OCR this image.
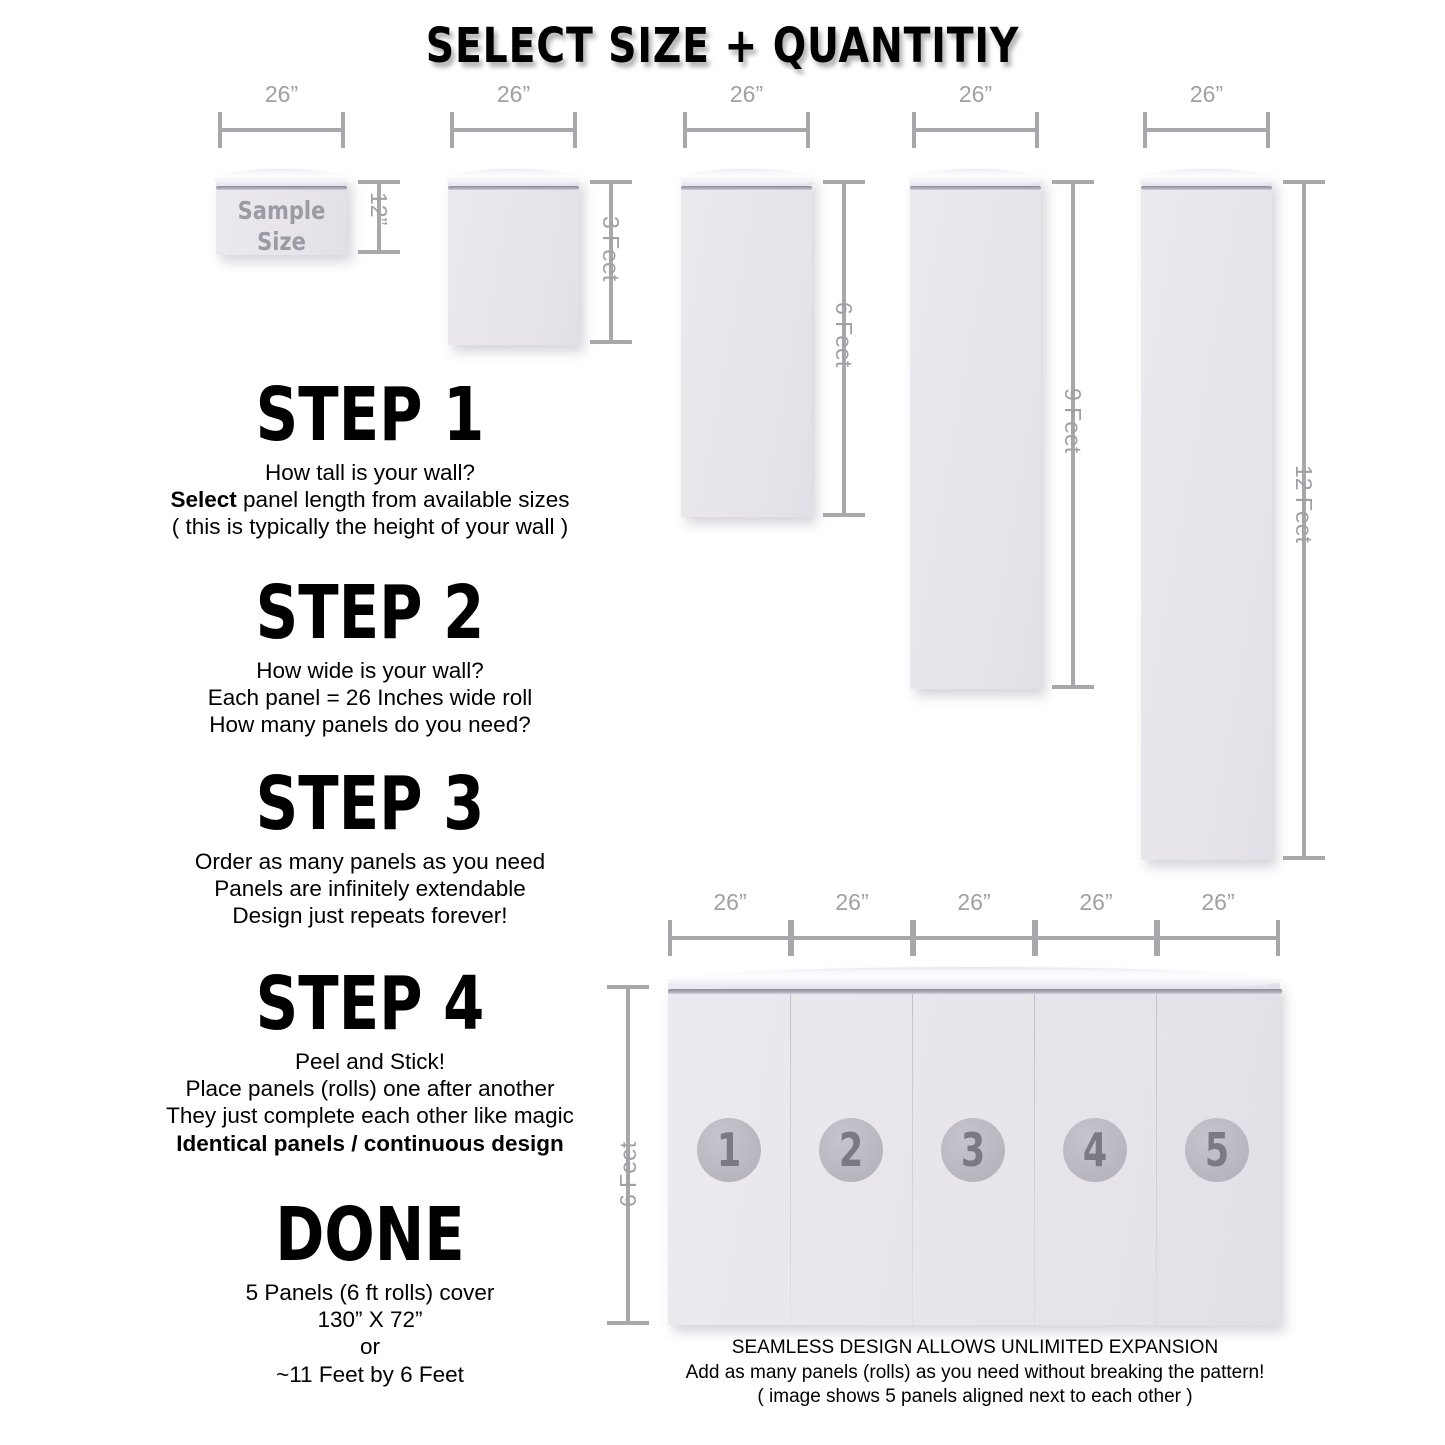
SELECT SIZE + QUANTITIY
26”
Sample
Size
12”
26”
3 Feet
26”
6 Feet
26”
9 Feet
26”
12 Feet
STEP 1
How tall is your wall?
Select panel length from available sizes
( this is typically the height of your wall )
STEP 2
How wide is your wall?
Each panel = 26 Inches wide roll
How many panels do you need?
STEP 3
Order as many panels as you need
Panels are infinitely extendable
Design just repeats forever!
STEP 4
Peel and Stick!
Place panels (rolls) one after another
They just complete each other like magic
Identical panels / continuous design
DONE
5 Panels (6 ft rolls) cover
130” X 72”
or
~11 Feet by 6 Feet
26”	26”	26”	26”	26”
6 Feet 1 2 3 4 5
SEAMLESS DESIGN ALLOWS UNLIMITED EXPANSION
Add as many panels (rolls) as you need without breaking the pattern!
( image shows 5 panels aligned next to each other )
